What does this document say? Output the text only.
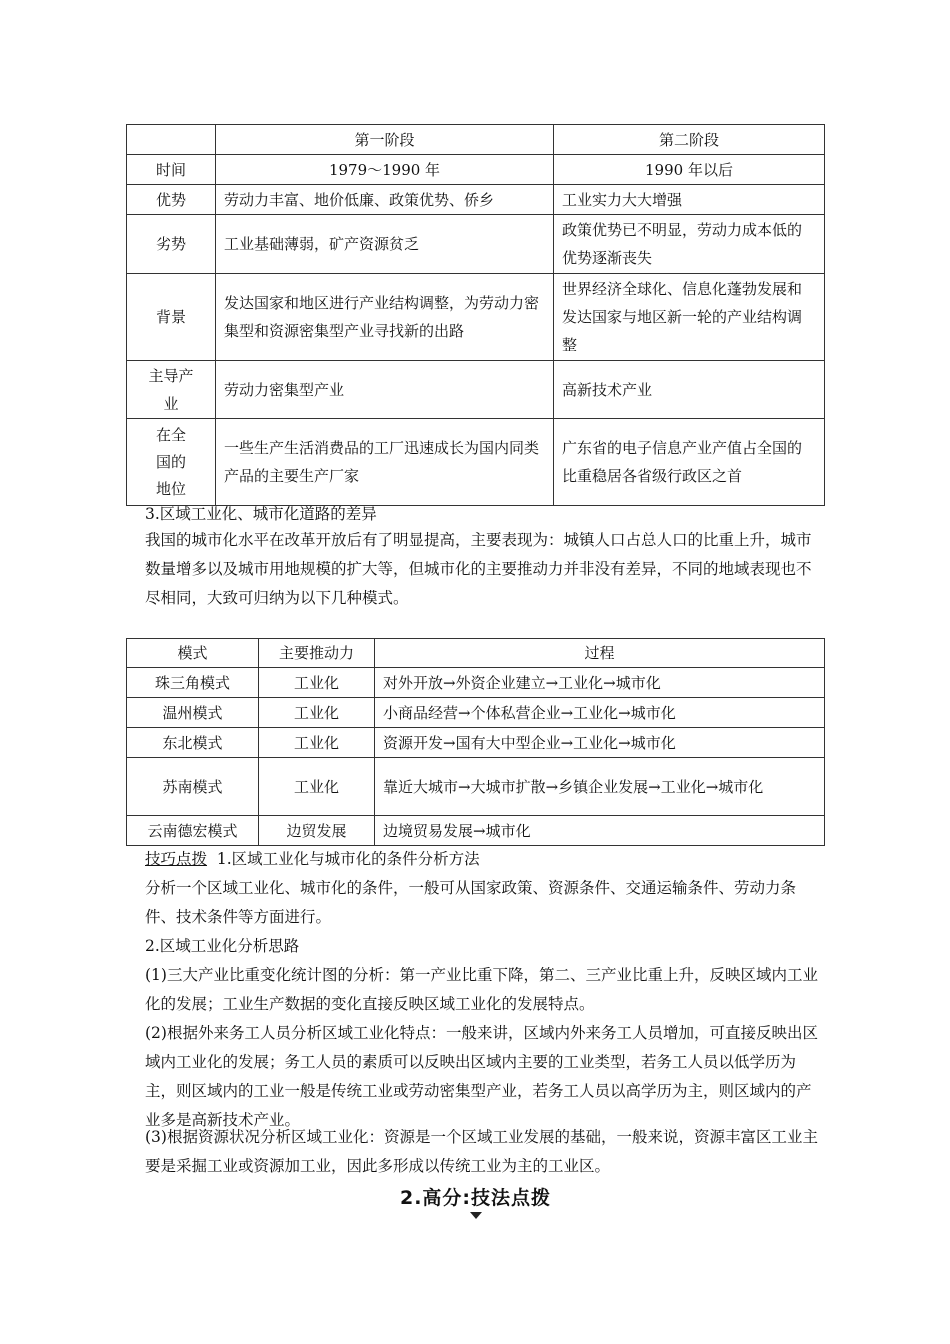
	第一阶段	第二阶段
时间	1979～1990 年	1990 年以后
优势	劳动力丰富、地价低廉、政策优势、侨乡	工业实力大大增强
劣势	工业基础薄弱，矿产资源贫乏	政策优势已不明显，劳动力成本低的优势逐渐丧失
背景	发达国家和地区进行产业结构调整，为劳动力密集型和资源密集型产业寻找新的出路	世界经济全球化、信息化蓬勃发展和发达国家与地区新一轮的产业结构调整
主导产业	劳动力密集型产业	高新技术产业
在全国的地位	一些生产生活消费品的工厂迅速成长为国内同类产品的主要生产厂家	广东省的电子信息产业产值占全国的比重稳居各省级行政区之首
3.区域工业化、城市化道路的差异
我国的城市化水平在改革开放后有了明显提高，主要表现为：城镇人口占总人口的比重上升，城市数量增多以及城市用地规模的扩大等，但城市化的主要推动力并非没有差异，不同的地域表现也不尽相同，大致可归纳为以下几种模式。
模式	主要推动力	过程
珠三角模式	工业化	对外开放→外资企业建立→工业化→城市化
温州模式	工业化	小商品经营→个体私营企业→工业化→城市化
东北模式	工业化	资源开发→国有大中型企业→工业化→城市化
苏南模式	工业化	靠近大城市→大城市扩散→乡镇企业发展→工业化→城市化
云南德宏模式	边贸发展	边境贸易发展→城市化
技巧点拨 1.区域工业化与城市化的条件分析方法
分析一个区域工业化、城市化的条件，一般可从国家政策、资源条件、交通运输条件、劳动力条件、技术条件等方面进行。
2.区域工业化分析思路
(1)三大产业比重变化统计图的分析：第一产业比重下降，第二、三产业比重上升，反映区域内工业化的发展；工业生产数据的变化直接反映区域工业化的发展特点。
(2)根据外来务工人员分析区域工业化特点：一般来讲，区域内外来务工人员增加，可直接反映出区域内工业化的发展；务工人员的素质可以反映出区域内主要的工业类型，若务工人员以低学历为主，则区域内的工业一般是传统工业或劳动密集型产业，若务工人员以高学历为主，则区域内的产业多是高新技术产业。
(3)根据资源状况分析区域工业化：资源是一个区域工业发展的基础，一般来说，资源丰富区工业主要是采掘工业或资源加工业，因此多形成以传统工业为主的工业区。
2.高分:技法点拨
